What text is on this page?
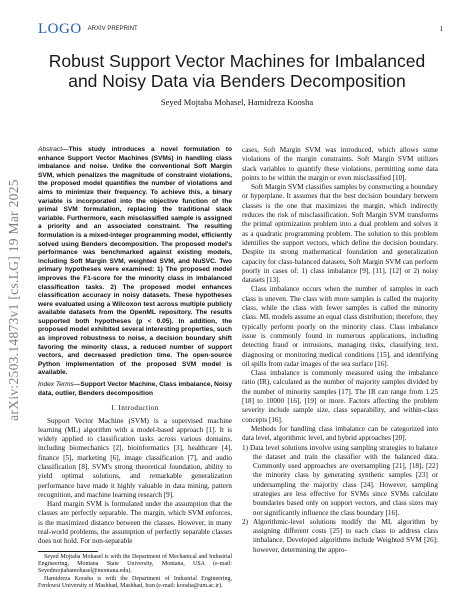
LOGO ARXIV PREPRINT	1
Robust Support Vector Machines for Imbalanced
and Noisy Data via Benders Decomposition
Seyed Mojtaba Mohasel, Hamidreza Koosha
arXiv:2503.14873v1 [cs.LG] 19 Mar 2025

Abstract—This study introduces a novel formulation to enhance Support Vector Machines (SVMs) in handling class imbalance and noise. Unlike the conventional Soft Margin SVM, which penalizes the magnitude of constraint violations, the proposed model quantifies the number of violations and aims to minimize their frequency. To achieve this, a binary variable is incorporated into the objective function of the primal SVM formulation, replacing the traditional slack variable. Furthermore, each misclassified sample is assigned a priority and an associated constraint. The resulting formulation is a mixed-integer programming model, efficiently solved using Benders decomposition. The proposed model's performance was benchmarked against existing models, including Soft Margin SVM, weighted SVM, and NuSVC. Two primary hypotheses were examined: 1) The proposed model improves the F1-score for the minority class in imbalanced classification tasks. 2) The proposed model enhances classification accuracy in noisy datasets. These hypotheses were evaluated using a Wilcoxon test across multiple publicly available datasets from the OpenML repository. The results supported both hypotheses (p < 0.05). In addition, the proposed model exhibited several interesting properties, such as improved robustness to noise, a decision boundary shift favoring the minority class, a reduced number of support vectors, and decreased prediction time. The open-source Python implementation of the proposed SVM model is available.

Index Terms—Support Vector Machine, Class imbalance, Noisy data, outlier, Benders decomposition

I. Introduction

Support Vector Machine (SVM) is a supervised machine learning (ML) algorithm with a model-based approach [1]. It is widely applied to classification tasks across various domains, including biomechanics [2], bioinformatics [3], healthcare [4], finance [5], marketing [6], image classification [7], and audio classification [8]. SVM's strong theoretical foundation, ability to yield optimal solutions, and remarkable generalization performance have made it highly valuable in data mining, pattern recognition, and machine learning research [9].

Hard margin SVM is formulated under the assumption that the classes are perfectly separable. The margin, which SVM enforces, is the maximized distance between the classes. However, in many real-world problems, the assumption of perfectly separable classes does not hold. For non-separable

Seyed Mojtaba Mohasel is with the Department of Mechanical and Industrial Engineering, Montana State University, Montana, USA (e-mail: Seyedmojtabamohasel@montana.edu).

Hamidreza Koosha is with the Department of Industrial Engineering, Ferdowsi University of Mashhad, Mashhad, Iran (e-mail: koosha@um.ac.ir).

cases, Soft Margin SVM was introduced, which allows some violations of the margin constraints. Soft Margin SVM utilizes slack variables to quantify these violations, permitting some data points to be within the margin or even misclassified [10].

Soft Margin SVM classifies samples by constructing a boundary or hyperplane. It assumes that the best decision boundary between classes is the one that maximizes the margin, which indirectly reduces the risk of misclassification. Soft Margin SVM transforms the primal optimization problem into a dual problem and solves it as a quadratic programming problem. The solution to this problem identifies the support vectors, which define the decision boundary. Despite its strong mathematical foundation and generalization capacity for class-balanced datasets, Soft Margin SVM can perform poorly in cases of: 1) class imbalance [9], [11], [12] or 2) noisy datasets [13].

Class imbalance occurs when the number of samples in each class is uneven. The class with more samples is called the majority class, while the class with fewer samples is called the minority class. ML models assume an equal class distribution; therefore, they typically perform poorly on the minority class. Class imbalance issue is commonly found in numerous applications, including detecting fraud or intrusions, managing risks, classifying text, diagnosing or monitoring medical conditions [15], and identifying oil spills from radar images of the sea surface [16].

Class imbalance is commonly measured using the imbalance ratio (IR), calculated as the number of majority samples divided by the number of minority samples [17]. The IR can range from 1.25 [18] to 10000 [16], [19] or more. Factors affecting the problem severity include sample size, class separability, and within-class concepts [16].

Methods for handling class imbalance can be categorized into data level, algorithmic level, and hybrid approaches [20].

1) Data level solutions involve using sampling strategies to balance the dataset and train the classifier with the balanced data. Commonly used approaches are oversampling [21], [18], [22] the minority class by generating synthetic samples [23] or undersampling the majority class [24]. However, sampling strategies are less effective for SVMs since SVMs calculate boundaries based only on support vectors, and class sizes may not significantly influence the class boundary [16].
2) Algorithmic-level solutions modify the ML algorithm by assigning different costs [25] to each class to address class imbalance. Developed algorithms include Weighted SVM [26]; however, determining the appro-
